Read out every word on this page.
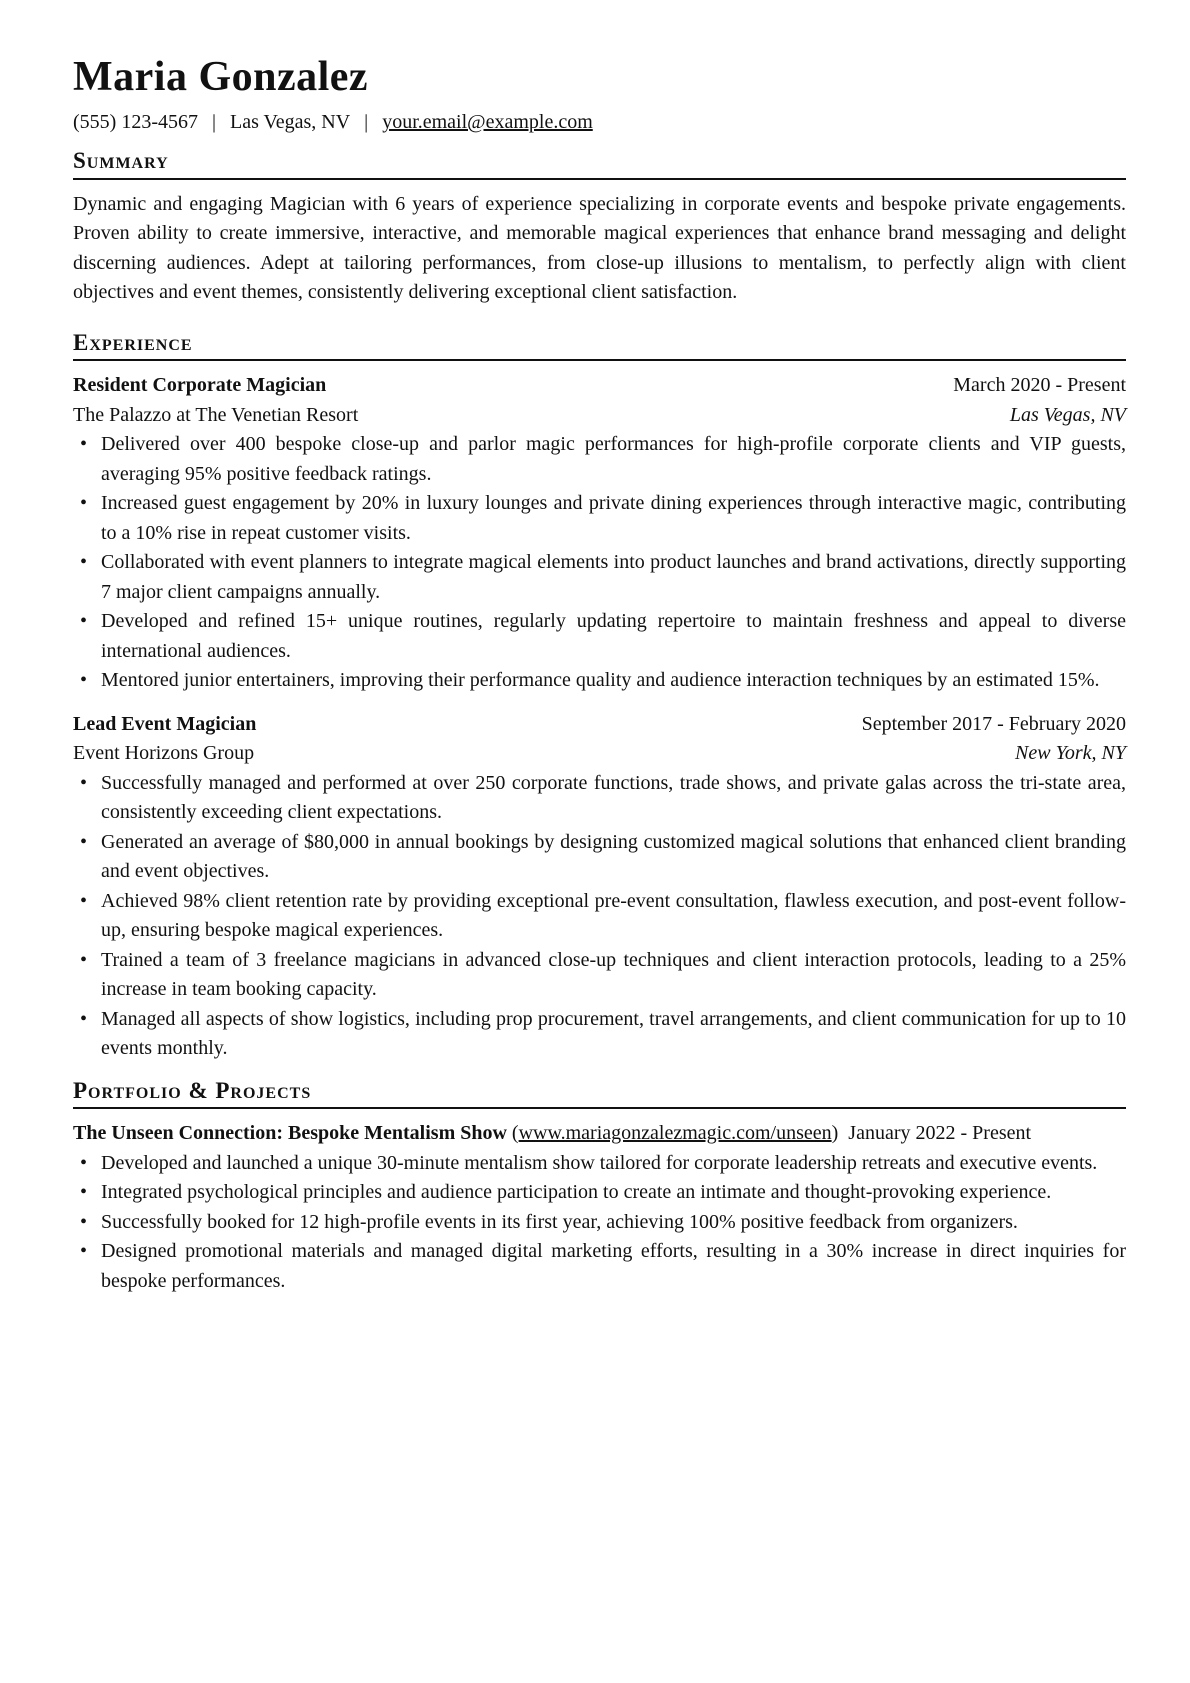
Maria Gonzalez
(555) 123-4567 | Las Vegas, NV | your.email@example.com
Summary

Dynamic and engaging Magician with 6 years of experience specializing in corporate events and bespoke private engagements. Proven ability to create immersive, interactive, and memorable magical experiences that enhance brand messaging and delight discerning audiences. Adept at tailoring performances, from close-up illusions to mentalism, to perfectly align with client objectives and event themes, consistently delivering exceptional client satisfaction.

Experience
Resident Corporate Magician	March 2020 - Present
The Palazzo at The Venetian Resort	Las Vegas, NV
• Delivered over 400 bespoke close-up and parlor magic performances for high-profile corporate clients and VIP guests, averaging 95% positive feedback ratings.
• Increased guest engagement by 20% in luxury lounges and private dining experiences through interactive magic, contributing to a 10% rise in repeat customer visits.
• Collaborated with event planners to integrate magical elements into product launches and brand activations, directly supporting 7 major client campaigns annually.
• Developed and refined 15+ unique routines, regularly updating repertoire to maintain freshness and appeal to diverse international audiences.
• Mentored junior entertainers, improving their performance quality and audience interaction techniques by an estimated 15%.
Lead Event Magician	September 2017 - February 2020
Event Horizons Group	New York, NY
• Successfully managed and performed at over 250 corporate functions, trade shows, and private galas across the tri-state area, consistently exceeding client expectations.
• Generated an average of $80,000 in annual bookings by designing customized magical solutions that enhanced client branding and event objectives.
• Achieved 98% client retention rate by providing exceptional pre-event consultation, flawless execution, and post-event follow-up, ensuring bespoke magical experiences.
• Trained a team of 3 freelance magicians in advanced close-up techniques and client interaction protocols, leading to a 25% increase in team booking capacity.
• Managed all aspects of show logistics, including prop procurement, travel arrangements, and client communication for up to 10 events monthly.
Portfolio & Projects
The Unseen Connection: Bespoke Mentalism Show (www.mariagonzalezmagic.com/unseen)  January 2022 - Present
• Developed and launched a unique 30-minute mentalism show tailored for corporate leadership retreats and executive events.
• Integrated psychological principles and audience participation to create an intimate and thought-provoking experience.
• Successfully booked for 12 high-profile events in its first year, achieving 100% positive feedback from organizers.
• Designed promotional materials and managed digital marketing efforts, resulting in a 30% increase in direct inquiries for bespoke performances.
